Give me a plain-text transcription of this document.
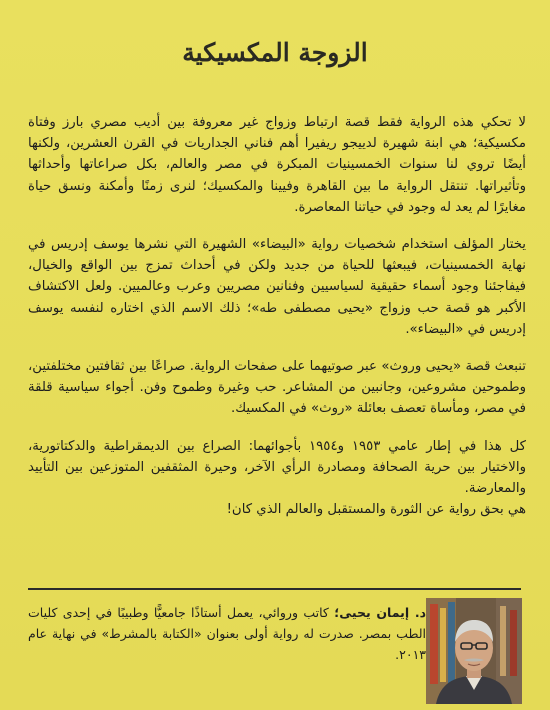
الزوجة المكسيكية

لا تحكي هذه الرواية فقط قصة ارتباط وزواج غير معروفة بين أديب مصري بارز وفتاة مكسيكية؛ هي ابنة شهيرة لدييجو ريفيرا أهم فناني الجداريات في القرن العشرين، ولكنها أيضًا تروي لنا سنوات الخمسينيات المبكرة في مصر والعالم، بكل صراعاتها وأحداثها وتأثيراتها. تنتقل الرواية ما بين القاهرة وفيينا والمكسيك؛ لنرى زمنًا وأمكنة ونسق حياة مغايرًا لم يعد له وجود في حياتنا المعاصرة.

يختار المؤلف استخدام شخصيات رواية «البيضاء» الشهيرة التي نشرها يوسف إدريس في نهاية الخمسينيات، فيبعثها للحياة من جديد ولكن في أحداث تمزج بين الواقع والخيال، فيفاجئنا وجود أسماء حقيقية لسياسيين وفنانين مصريين وعرب وعالميين. ولعل الاكتشاف الأكبر هو قصة حب وزواج «يحيى مصطفى طه»؛ ذلك الاسم الذي اختاره لنفسه يوسف إدريس في «البيضاء».

تنبعث قصة «يحيى وروث» عبر صوتيهما على صفحات الرواية. صراعًا بين ثقافتين مختلفتين، وطموحين مشروعين، وجانبين من المشاعر. حب وغيرة وطموح وفن. أجواء سياسية قلقة في مصر، ومأساة تعصف بعائلة «روث» في المكسيك.

كل هذا في إطار عامي ١٩٥٣ و١٩٥٤ بأجوائهما: الصراع بين الديمقراطية والدكتاتورية، والاختيار بين حرية الصحافة ومصادرة الرأي الآخر، وحيرة المثقفين المتوزعين بين التأييد والمعارضة.

هي بحق رواية عن الثورة والمستقبل والعالم الذي كان!

د. إيمان يحيى؛ كاتب وروائي، يعمل أستاذًا جامعيًّا وطبيبًا في إحدى كليات الطب بمصر. صدرت له رواية أولى بعنوان «الكتابة بالمشرط» في نهاية عام ٢٠١٣.
